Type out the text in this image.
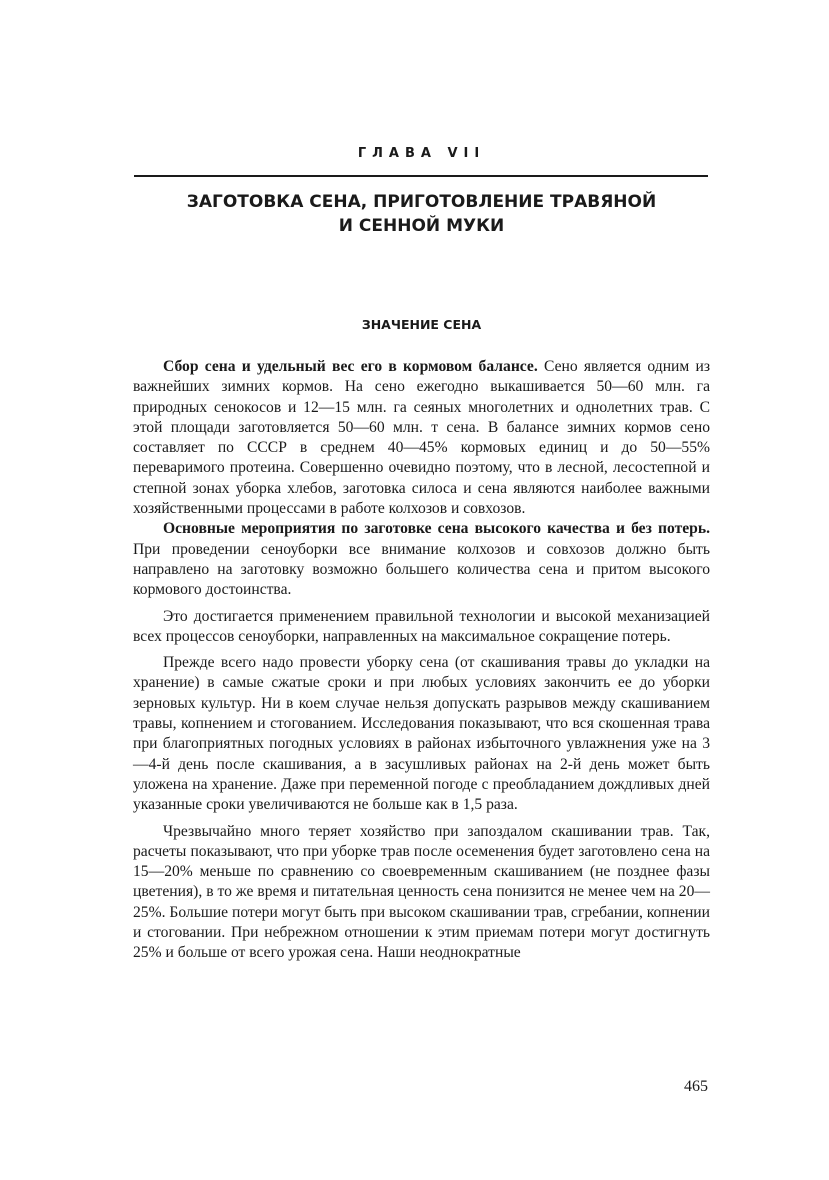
ГЛАВА VII
ЗАГОТОВКА СЕНА, ПРИГОТОВЛЕНИЕ ТРАВЯНОЙ
И СЕННОЙ МУКИ
ЗНАЧЕНИЕ СЕНА

Сбор сена и удельный вес его в кормовом балансе. Сено является одним из важнейших зимних кормов. На сено ежегодно выкашивается 50—60 млн. га природных сенокосов и 12—15 млн. га сеяных многолетних и однолетних трав. С этой площади заготовляется 50—60 млн. т сена. В балансе зимних кормов сено составляет по СССР в среднем 40—45% кормовых единиц и до 50—55% переваримого протеина. Совершенно очевидно поэтому, что в лесной, лесостепной и степной зонах уборка хлебов, заготовка силоса и сена являются наиболее важными хозяйственными процессами в работе колхозов и совхозов.

Основные мероприятия по заготовке сена высокого качества и без потерь. При проведении сеноуборки все внимание колхозов и совхозов должно быть направлено на заготовку возможно большего количества сена и притом высокого кормового достоинства.

Это достигается применением правильной технологии и высокой механизацией всех процессов сеноуборки, направленных на максимальное сокращение потерь.

Прежде всего надо провести уборку сена (от скашивания травы до укладки на хранение) в самые сжатые сроки и при любых условиях закончить ее до уборки зерновых культур. Ни в коем случае нельзя допускать разрывов между скашиванием травы, копнением и стогованием. Исследования показывают, что вся скошенная трава при благоприятных погодных условиях в районах избыточного увлажнения уже на 3—4-й день после скашивания, а в засушливых районах на 2-й день может быть уложена на хранение. Даже при переменной погоде с преобладанием дождливых дней указанные сроки увеличиваются не больше как в 1,5 раза.

Чрезвычайно много теряет хозяйство при запоздалом скашивании трав. Так, расчеты показывают, что при уборке трав после осеменения будет заготовлено сена на 15—20% меньше по сравнению со своевременным скашиванием (не позднее фазы цветения), в то же время и питательная ценность сена понизится не менее чем на 20—25%. Большие потери могут быть при высоком скашивании трав, сгребании, копнении и стоговании. При небрежном отношении к этим приемам потери могут достигнуть 25% и больше от всего урожая сена. Наши неоднократные

465
